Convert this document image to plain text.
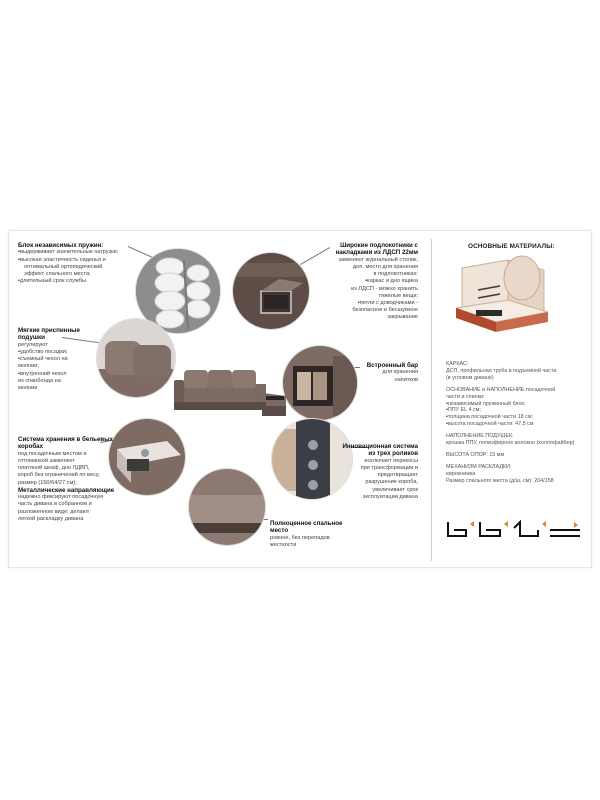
Блок независимых пружин:
• выдерживает значительные нагрузки;
• высокая эластичность сиденья и
оптимальный ортопедический
эффект спального места;
• длительный срок службы
Мягкие приспинные подушки
регулируют
• удобство посадки;
• съемный чехол на
молнии;
• внутренний чехол
из спанбонда на
молнии
Система хранения в бельевых коробах
под посадочным местом и
оттоманкой заменяют
платяной шкаф, дно ЛДВП,
короб без ограничений по весу,
размер (150/64/27 см);
Металлические направляющие
надежно фиксируют посадочную
часть дивана в собранном и
разложенном виде; делают
легкой раскладку дивана
Широкие подлокотники с накладками из ЛДСП 22мм
заменяют журнальный столик,
доп. место для хранения
в подлокотниках:
• каркас и дно ящика
из ЛДСП - можно хранить
тяжелые вещи;
• петли с доводчиками -
безопасное и бесшумное
закрывание
Встроенный бар
для хранения
напитков
Инновационная система из трех роликов
исключает перекосы
при трансформации и
предотвращает
разрушение короба,
увеличивает срок
эксплуатации дивана
Полноценное спальное место
ровное, без перепадов
жесткости
ОСНОВНЫЕ МАТЕРИАЛЫ:
КАРКАС:
ДСП, профильная труба в подъемной части
(в угловом диване)
ОСНОВАНИЕ и НАПОЛНЕНИЕ посадочной
части и спинки:
• независимый пружинный блок;
• ППУ EL 4 см;
• толщина посадочной части 18 см;
• высота посадочной части: 47,5 см
НАПОЛНЕНИЕ ПОДУШЕК:
крошка ППУ, полиэфирное волокно (холлофайбер)
ВЫСОТА ОПОР: 15 мм
МЕХАНИЗМ РАСКЛАДКИ:
еврокнижка
Размер спального места (д/ш, см): 204/158
